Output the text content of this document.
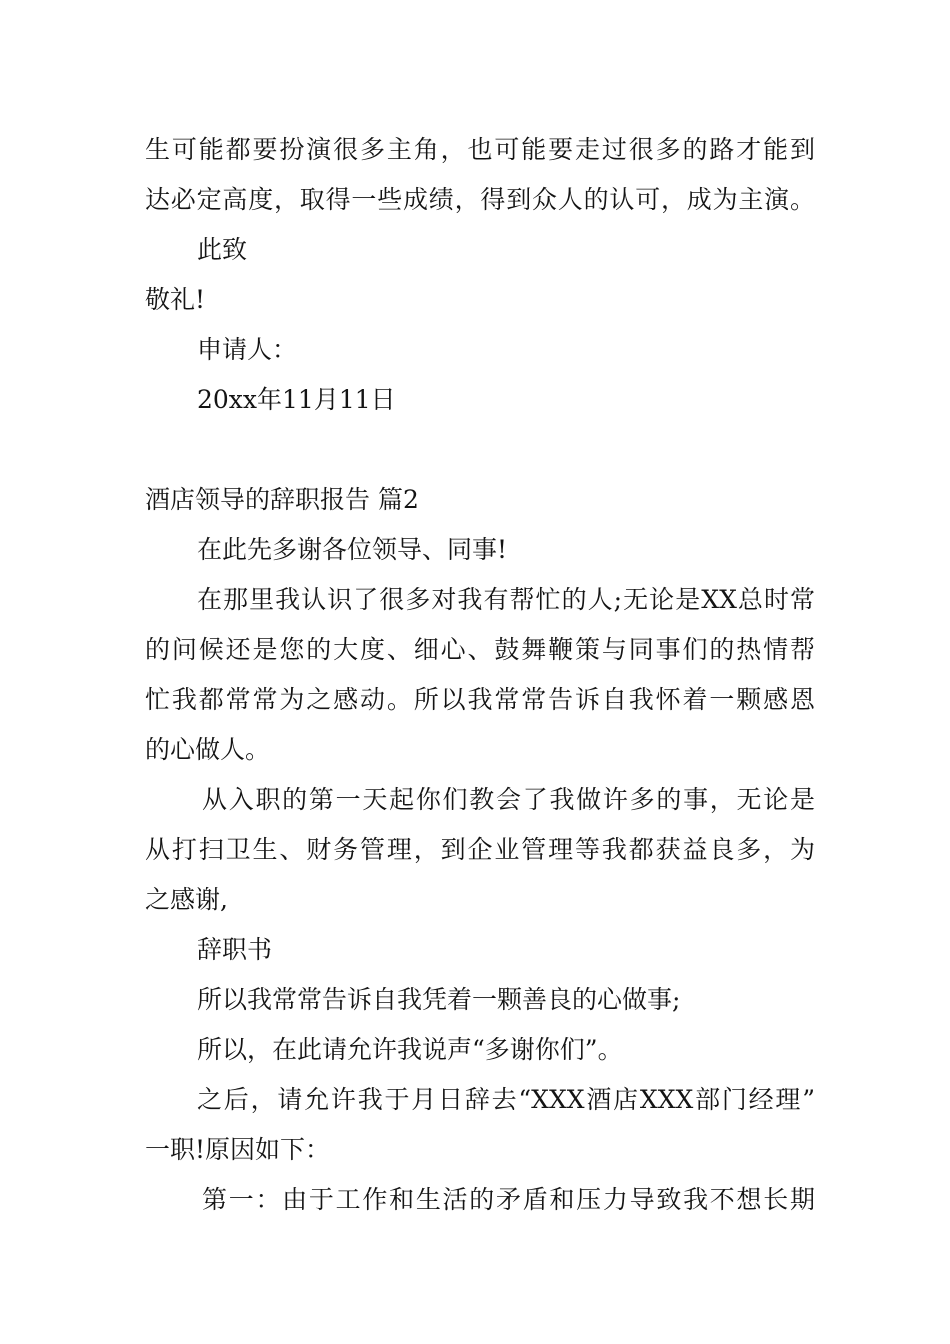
生可能都要扮演很多主角，也可能要走过很多的路才能到
达必定高度，取得一些成绩，得到众人的认可，成为主演。
此致
敬礼!
申请人：
20xx年11月11日
酒店领导的辞职报告 篇2
在此先多谢各位领导、同事!
在那里我认识了很多对我有帮忙的人;无论是XX总时常
的问候还是您的大度、细心、鼓舞鞭策与同事们的热情帮
忙我都常常为之感动。所以我常常告诉自我怀着一颗感恩
的心做人。
从入职的第一天起你们教会了我做许多的事，无论是
从打扫卫生、财务管理，到企业管理等我都获益良多，为
之感谢,
辞职书
所以我常常告诉自我凭着一颗善良的心做事;
所以，在此请允许我说声“多谢你们”。
之后，请允许我于月日辞去“XXX酒店XXX部门经理”
一职!原因如下：
第一：由于工作和生活的矛盾和压力导致我不想长期
